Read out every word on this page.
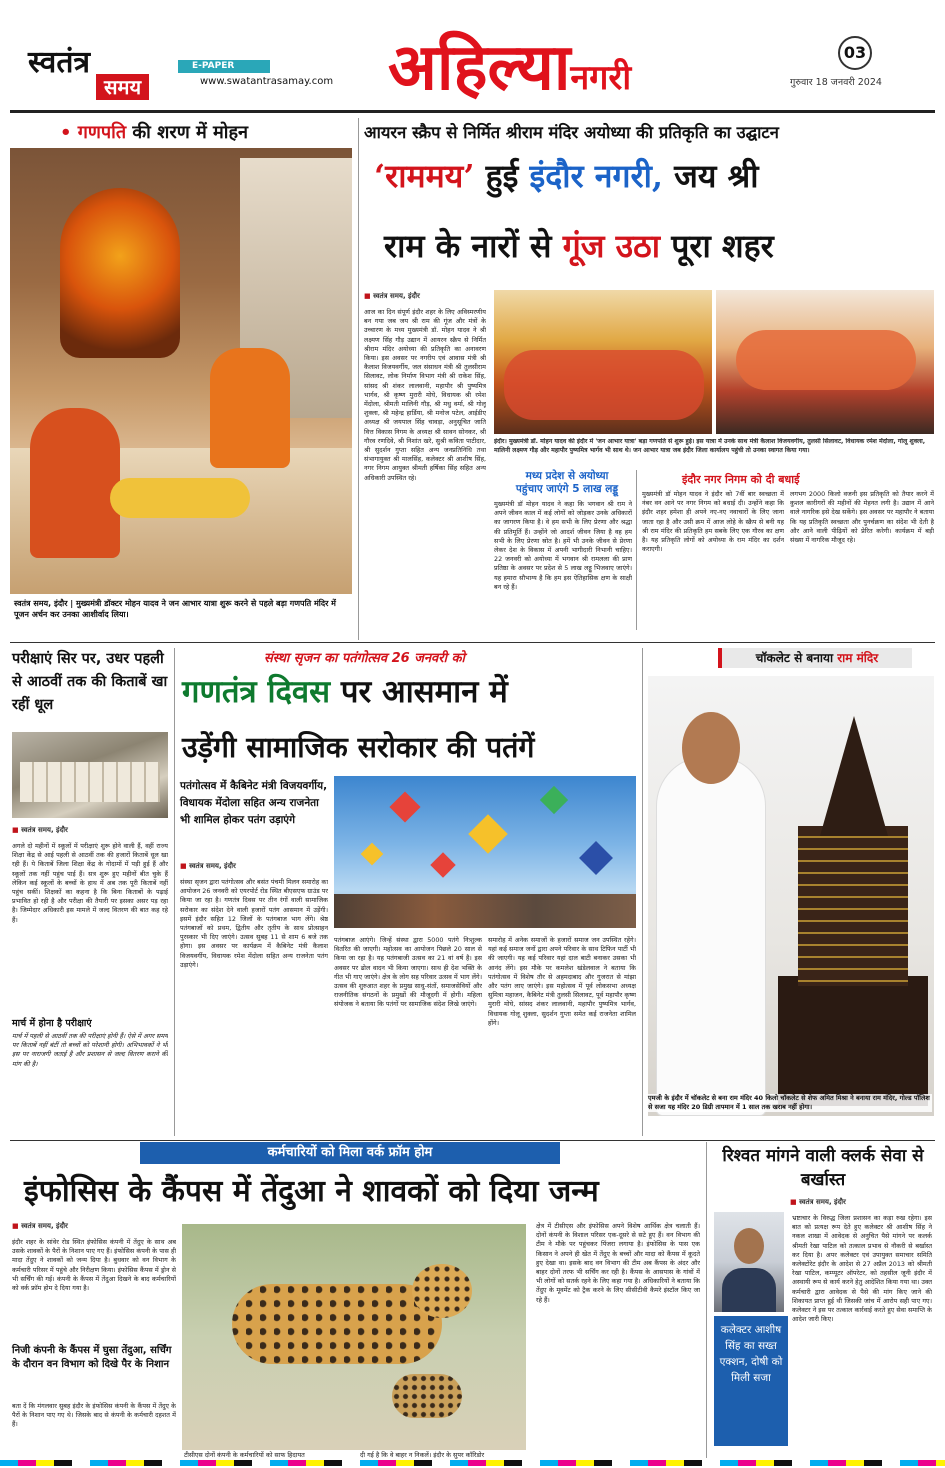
स्वतंत्र
समय
E-PAPER
www.swatantrasamay.com अहिल्यानगरी
03
गुरुवार 18 जनवरी 2024
• गणपति की शरण में मोहन
स्वतंत्र समय, इंदौर | मुख्यमंत्री डॉक्टर मोहन यादव ने जन आभार यात्रा शुरू करने से पहले बड़ा गणपति मंदिर में पूजन अर्चन कर उनका आशीर्वाद लिया।
आयरन स्क्रैप से निर्मित श्रीराम मंदिर अयोध्या की प्रतिकृति का उद्घाटन
‘राममय’ हुई इंदौर नगरी, जय श्री
राम के नारों से गूंज उठा पूरा शहर
■ स्वतंत्र समय, इंदौर
आज का दिन संपूर्ण इंदौर शहर के लिए अविस्मरणीय बन गया जब जय श्री राम की गूंज और मंत्रों के उच्चारण के मध्य मुख्यमंत्री डॉ. मोहन यादव ने श्री लक्ष्मण सिंह गौड़ उद्यान में आयरन स्क्रैप से निर्मित श्रीराम मंदिर अयोध्या की प्रतिकृति का अनावरण किया। इस अवसर पर नगरीय एवं आवास मंत्री श्री कैलाश विजयवर्गीय, जल संसाधन मंत्री श्री तुलसीराम सिलावट, लोक निर्माण विभाग मंत्री श्री राकेश सिंह, सांसद श्री शंकर लालवानी, महापौर श्री पुष्यमित्र भार्गव, श्री कृष्ण मुरारी मोघे, विधायक श्री रमेश मेंदोला, श्रीमती मालिनी गौड़, श्री मधु वर्मा, श्री गोलू शुक्ला, श्री महेन्द्र हार्डिया, श्री मनोज पटेल, आईडीए अध्यक्ष श्री जयपाल सिंह चावड़ा, अनुसूचित जाति वित्त विकास निगम के अध्यक्ष श्री सावन सोनकर, श्री गौरव रणदिवे, श्री निशांत खरे, सुश्री कविता पाटीदार, श्री सुदर्शन गुप्ता सहित अन्य जनप्रतिनिधि तथा संभागायुक्त श्री मालसिंह, कलेक्टर श्री आशीष सिंह, नगर निगम आयुक्त श्रीमती हर्षिका सिंह सहित अन्य अधिकारी उपस्थित रहे।
इंदौर। मुख्यमंत्री डॉ. मोहन यादव की इंदौर में 'जन आभार यात्रा' बड़ा गणपति से शुरू हुई। इस यात्रा में उनके साथ मंत्री कैलाश विजयवर्गीय, तुलसी सिलावट, विधायक रमेश मेंदोला, गोलू शुक्ला, मालिनी लक्ष्मण गौड़ और महापौर पुष्यमित्र भार्गव भी साथ थे। जन आभार यात्रा जब इंदौर जिला कार्यालय पहुंची तो उनका स्वागत किया गया।
मध्य प्रदेश से अयोध्या
पहुंचाए जाएंगे 5 लाख लड्डू
मुख्यमंत्री डॉ मोहन यादव ने कहा कि भगवान श्री राम ने अपने जीवन काल में कई लोगों को जोड़कर उनके अधिकारों का जागरण किया है। वे हम सभी के लिए प्रेरणा और श्रद्धा की प्रतिमूर्ति हैं। उन्होंने जो आदर्श जीवन जिया है वह हम सभी के लिए प्रेरणा स्रोत है। हमें भी उनके जीवन से प्रेरणा लेकर देश के विकास में अपनी भागीदारी निभानी चाहिए। 22 जनवरी को अयोध्या में भगवान श्री रामलला की प्राण प्रतिष्ठा के अवसर पर प्रदेश से 5 लाख लड्डू भिजवाए जाएंगे। यह हमारा सौभाग्य है कि हम इस ऐतिहासिक क्षण के साक्षी बन रहे हैं।
इंदौर नगर निगम को दी बधाई
मुख्यमंत्री डॉ मोहन यादव ने इंदौर को 7वीं बार स्वच्छता में नंबर वन आने पर नगर निगम को बधाई दी। उन्होंने कहा कि इंदौर शहर हमेशा ही अपने नए-नए नवाचारों के लिए जाना जाता रहा है और उसी क्रम में आज लोहे के स्क्रैप से बनी यह श्री राम मंदिर की प्रतिकृति हम सबके लिए एक गौरव का क्षण है। यह प्रतिकृति लोगों को अयोध्या के राम मंदिर का दर्शन कराएगी।
लगभग 2000 किलो वजनी इस प्रतिकृति को तैयार करने में कुशल कारीगरों की महीनों की मेहनत लगी है। उद्यान में आने वाले नागरिक इसे देख सकेंगे। इस अवसर पर महापौर ने बताया कि यह प्रतिकृति स्वच्छता और पुनर्चक्रण का संदेश भी देती है और आने वाली पीढ़ियों को प्रेरित करेगी। कार्यक्रम में बड़ी संख्या में नागरिक मौजूद रहे।
परीक्षाएं सिर पर, उधर पहली से आठवीं तक की किताबें खा रहीं धूल
■ स्वतंत्र समय, इंदौर
अगले दो महीनों में स्कूलों में परीक्षाएं शुरू होने वाली हैं, वहीं राज्य शिक्षा केंद्र से आई पहली से आठवीं तक की हजारों किताबें धूल खा रही हैं। ये किताबें जिला शिक्षा केंद्र के गोदामों में पड़ी हुई हैं और स्कूलों तक नहीं पहुंच पाई हैं। सत्र शुरू हुए महीनों बीत चुके हैं लेकिन कई स्कूलों के बच्चों के हाथ में अब तक पूरी किताबें नहीं पहुंच सकीं। शिक्षकों का कहना है कि बिना किताबों के पढ़ाई प्रभावित हो रही है और परीक्षा की तैयारी पर इसका असर पड़ रहा है। जिम्मेदार अधिकारी इस मामले में जल्द वितरण की बात कह रहे हैं।
मार्च में होना है परीक्षाएं
मार्च में पहली से आठवीं तक की परीक्षाएं होनी हैं। ऐसे में अगर समय पर किताबें नहीं बंटीं तो बच्चों को परेशानी होगी। अभिभावकों ने भी इस पर नाराजगी जताई है और प्रशासन से जल्द वितरण कराने की मांग की है।
संस्था सृजन का पतंगोत्सव 26 जनवरी को
गणतंत्र दिवस पर आसमान में
उड़ेंगी सामाजिक सरोकार की पतंगें
पतंगोत्सव में कैबिनेट मंत्री विजयवर्गीय, विधायक मेंदोला सहित अन्य राजनेता भी शामिल होकर पतंग उड़ाएंगे
■ स्वतंत्र समय, इंदौर
संस्था सृजन द्वारा पतंगोत्सव और बसंत पंचमी मिलन समारोह का आयोजन 26 जनवरी को एयरपोर्ट रोड स्थित बीएसएफ ग्राउंड पर किया जा रहा है। गणतंत्र दिवस पर तीन रंगों वाली सामाजिक सरोकार का संदेश देने वाली हजारों पतंग आसमान में उड़ेंगी। इसमें इंदौर सहित 12 जिलों के पतंगबाज भाग लेंगे। श्रेष्ठ पतंगबाजों को प्रथम, द्वितीय और तृतीय के साथ प्रोत्साहन पुरस्कार भी दिए जाएंगे। उत्सव सुबह 11 से शाम 6 बजे तक होगा। इस अवसर पर कार्यक्रम में कैबिनेट मंत्री कैलाश विजयवर्गीय, विधायक रमेश मेंदोला सहित अन्य राजनेता पतंग उड़ाएंगे।
पतंगबाज आएंगे। जिन्हें संस्था द्वारा 5000 पतंगे निःशुल्क वितरित की जाएगी। महोत्सव का आयोजन पिछले 20 साल से किया जा रहा है। यह पतंगबाजी उत्सव का 21 वां वर्ष है। इस अवसर पर ढोल वादन भी किया जाएगा। साथ ही देश भक्ति के गीत भी गाए जाएंगे। क्षेत्र के लोग सह परिवार उत्सव में भाग लेंगे। उत्सव की शुरुआत शहर के प्रमुख साधु-संतों, समाजसेवियों और राजनीतिक संगठनों के प्रमुखों की मौजूदगी में होगी। महिला संयोजक ने बताया कि पतंगों पर सामाजिक संदेश लिखे जाएंगे।
समारोह में अनेक समाजों के हजारों समाज जन उपस्थित रहेंगे। यहां कई समाज जनों द्वारा अपने परिवार के साथ टिफिन पार्टी भी की जाएगी। यह कई परिवार यहां दाल बाटी बनाकर उसका भी आनंद लेंगे। इस मौके पर कमलेश खंडेलवाल ने बताया कि पतंगोत्सव में विशेष तौर से अहमदाबाद और गुजरात से मांझा और पतंग लाए जाएंगे। इस महोत्सव में पूर्व लोकसभा अध्यक्ष सुमित्रा महाजन, कैबिनेट मंत्री तुलसी सिलावट, पूर्व महापौर कृष्ण मुरारी मोघे, सांसद शंकर लालवानी, महापौर पुष्यमित्र भार्गव, विधायक गोलू शुक्ला, सुदर्शन गुप्ता समेत कई राजनेता शामिल होंगे।
चॉकलेट से बनाया राम मंदिर
एमजी के इंदौर में चॉकलेट से बना राम मंदिर 40 किलो चॉकलेट से शेफ अमित मिश्रा ने बनाया राम मंदिर, गोल्ड पॉलिश से सजा यह मंदिर 20 डिग्री तापमान में 1 साल तक खराब नहीं होगा।
कर्मचारियों को मिला वर्क फ्रॉम होम
इंफोसिस के कैंपस में तेंदुआ ने शावकों को दिया जन्म
■ स्वतंत्र समय, इंदौर
इंदौर शहर के सांवेर रोड स्थित इंफोसिस कंपनी में तेंदुए के साथ अब उसके शावकों के पैरों के निशान पाए गए हैं। इंफोसिस कंपनी के पास ही मादा तेंदुए ने शावकों को जन्म दिया है। बुधवार को वन विभाग के कर्मचारी परिसर में पहुंचे और निरीक्षण किया। इंफोसिस कैंपस में ड्रोन से भी सर्चिंग की गई। कंपनी के कैंपस में तेंदुआ दिखने के बाद कर्मचारियों को वर्क फ्रॉम होम दे दिया गया है।
निजी कंपनी के कैंपस में घुसा तेंदुआ, सर्चिंग के दौरान वन विभाग को दिखे पैर के निशान
बता दें कि मंगलवार सुबह इंदौर के इंफोसिस कंपनी के कैंपस में तेंदुए के पैरों के निशान पाए गए थे। जिसके बाद से कंपनी के कर्मचारी दहशत में हैं।
टीसीएस दोनों कंपनी के कर्मचारियों को साफ हिदायत	दी गई है कि वे बाहर न निकलें। इंदौर के सुपर कॉरिडोर
क्षेत्र में टीसीएस और इंफोसिस अपने विशेष आर्थिक क्षेत्र चलाती हैं। दोनों कंपनी के विशाल परिसर एक-दूसरे से सटे हुए हैं। वन विभाग की टीम ने मौके पर पहुंचकर पिंजरा लगाया है। इंफोसिस के पास एक किसान ने अपने ही खेत में तेंदुए के बच्चों और मादा को कैंपस में कूदते हुए देखा था। इसके बाद वन विभाग की टीम अब कैंपस के अंदर और बाहर दोनों तरफ भी सर्चिंग कर रही है। कैंपस के आसपास के गांवों में भी लोगों को सतर्क रहने के लिए कहा गया है। अधिकारियों ने बताया कि तेंदुए के मूवमेंट को ट्रैक करने के लिए सीसीटीवी कैमरे इंस्टॉल किए जा रहे हैं।
रिश्वत मांगने वाली क्लर्क सेवा से बर्खास्त
■ स्वतंत्र समय, इंदौर
कलेक्टर आशीष सिंह का सख्त एक्शन, दोषी को मिली सजा
भ्रष्टाचार के विरुद्ध जिला प्रशासन का कड़ा रुख रहेगा। इस बात को प्रत्यक्ष रूप देते हुए कलेक्टर श्री आशीष सिंह ने नकल शाखा में आवेदक से अनुचित पैसे मांगने पर कलर्क श्रीमती रेखा पाटिल को तत्काल प्रभाव से नौकरी से बर्खास्त कर दिया है। अपर कलेक्टर एवं उपायुक्त समाचार समिति कलेक्टोरेट इंदौर के आदेश से 27 अप्रैल 2013 को श्रीमती रेखा पाटिल, कम्प्यूटर ऑपरेटर, को तहसील जूनी इंदौर में अस्थायी रूप से कार्य करने हेतु आदेशित किया गया था। उक्त कर्मचारी द्वारा आवेदक से पैसे की मांग किए जाने की शिकायत प्राप्त हुई थी जिसकी जांच में आरोप सही पाए गए। कलेक्टर ने इस पर तत्काल कार्रवाई करते हुए सेवा समाप्ति के आदेश जारी किए।
